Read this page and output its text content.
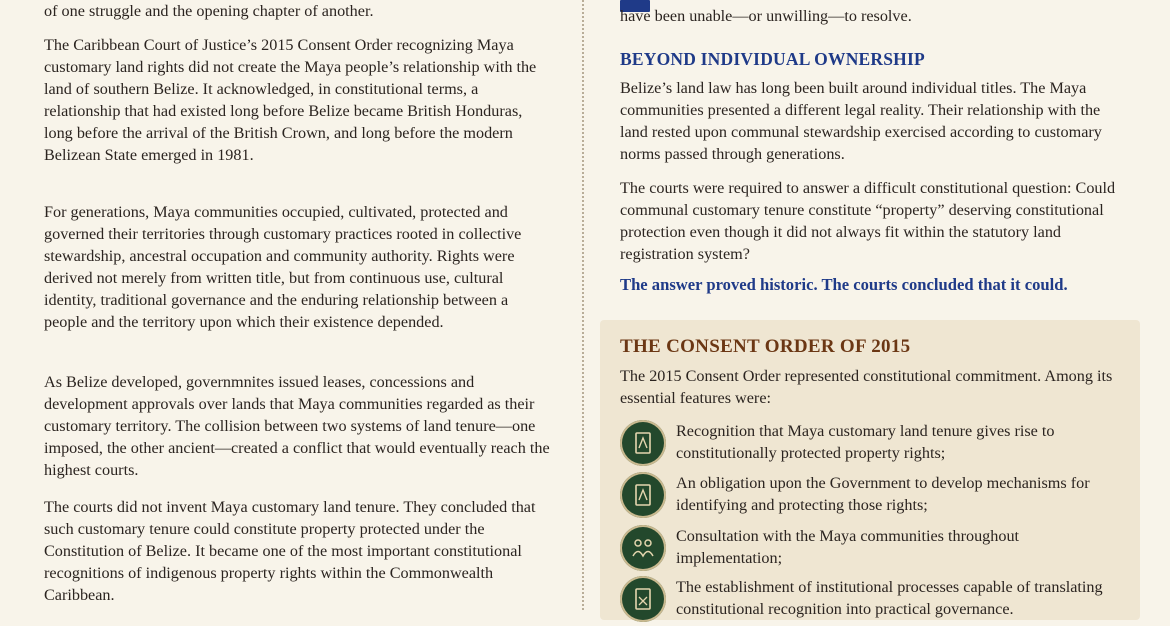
of one struggle and the opening chapter of another.

The Caribbean Court of Justice’s 2015 Consent Order recognizing Maya customary land rights did not create the Maya people’s relationship with the land of southern Belize. It acknowledged, in constitutional terms, a relationship that had existed long before Belize became British Honduras, long before the arrival of the British Crown, and long before the modern Belizean State emerged in 1981.

For generations, Maya communities occupied, cultivated, protected and governed their territories through customary practices rooted in collective stewardship, ancestral occupation and community authority. Rights were derived not merely from written title, but from continuous use, cultural identity, traditional governance and the enduring relationship between a people and the territory upon which their existence depended.

As Belize developed, governmnites issued leases, concessions and development approvals over lands that Maya communities regarded as their customary territory. The collision between two systems of land tenure—one imposed, the other ancient—created a conflict that would eventually reach the highest courts.

The courts did not invent Maya customary land tenure. They concluded that such customary tenure could constitute property protected under the Constitution of Belize. It became one of the most important constitutional recognitions of indigenous property rights within the Commonwealth Caribbean.

have been unable—or unwilling—to resolve.

BEYOND INDIVIDUAL OWNERSHIP

Belize’s land law has long been built around individual titles. The Maya communities presented a different legal reality. Their relationship with the land rested upon communal stewardship exercised according to customary norms passed through generations.

The courts were required to answer a difficult constitutional question: Could communal customary tenure constitute “property” deserving constitutional protection even though it did not always fit within the statutory land registration system?

The answer proved historic. The courts concluded that it could.

THE CONSENT ORDER OF 2015

The 2015 Consent Order represented constitutional commitment. Among its essential features were:

Recognition that Maya customary land tenure gives rise to constitutionally protected property rights;

An obligation upon the Government to develop mechanisms for identifying and protecting those rights;

Consultation with the Maya communities throughout implementation;

The establishment of institutional processes capable of translating constitutional recognition into practical governance.
